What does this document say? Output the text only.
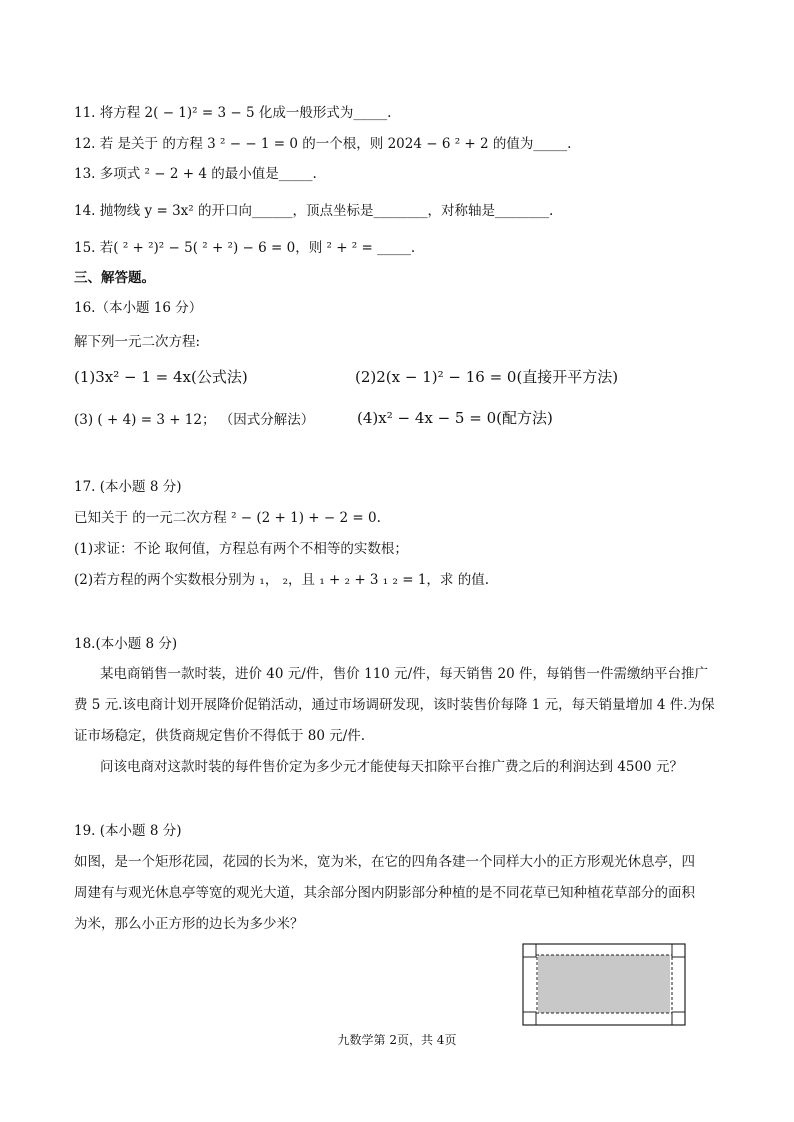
11. 将方程 2( − 1)² = 3 − 5 化成一般形式为_____.
12. 若 是关于 的方程 3 ² − − 1 = 0 的一个根，则 2024 − 6 ² + 2 的值为_____.
13. 多项式 ² − 2 + 4 的最小值是_____.
14. 抛物线 y = 3x² 的开口向______，顶点坐标是________，对称轴是________.
15. 若( ² + ²)² − 5( ² + ²) − 6 = 0，则 ² + ² = _____.
三、解答题。
16.（本小题 16 分）
解下列一元二次方程:
(1)3x² − 1 = 4x(公式法)	(2)2(x − 1)² − 16 = 0(直接开平方法)
(3) ( + 4) = 3 + 12； （因式分解法）	(4)x² − 4x − 5 = 0(配方法)
17. (本小题 8 分)
已知关于 的一元二次方程 ² − (2 + 1) + − 2 = 0.
(1)求证：不论 取何值，方程总有两个不相等的实数根；
(2)若方程的两个实数根分别为 ₁， ₂，且 ₁ + ₂ + 3 ₁ ₂ = 1，求 的值.
18.(本小题 8 分)
某电商销售一款时装，进价 40 元/件，售价 110 元/件，每天销售 20 件，每销售一件需缴纳平台推广
费 5 元.该电商计划开展降价促销活动，通过市场调研发现，该时装售价每降 1 元，每天销量增加 4 件.为保
证市场稳定，供货商规定售价不得低于 80 元/件.
问该电商对这款时装的每件售价定为多少元才能使每天扣除平台推广费之后的利润达到 4500 元？
19. (本小题 8 分)
如图，是一个矩形花园，花园的长为米，宽为米，在它的四角各建一个同样大小的正方形观光休息亭，四
周建有与观光休息亭等宽的观光大道，其余部分图内阴影部分种植的是不同花草已知种植花草部分的面积
为米，那么小正方形的边长为多少米？
九数学第 2页，共 4页
